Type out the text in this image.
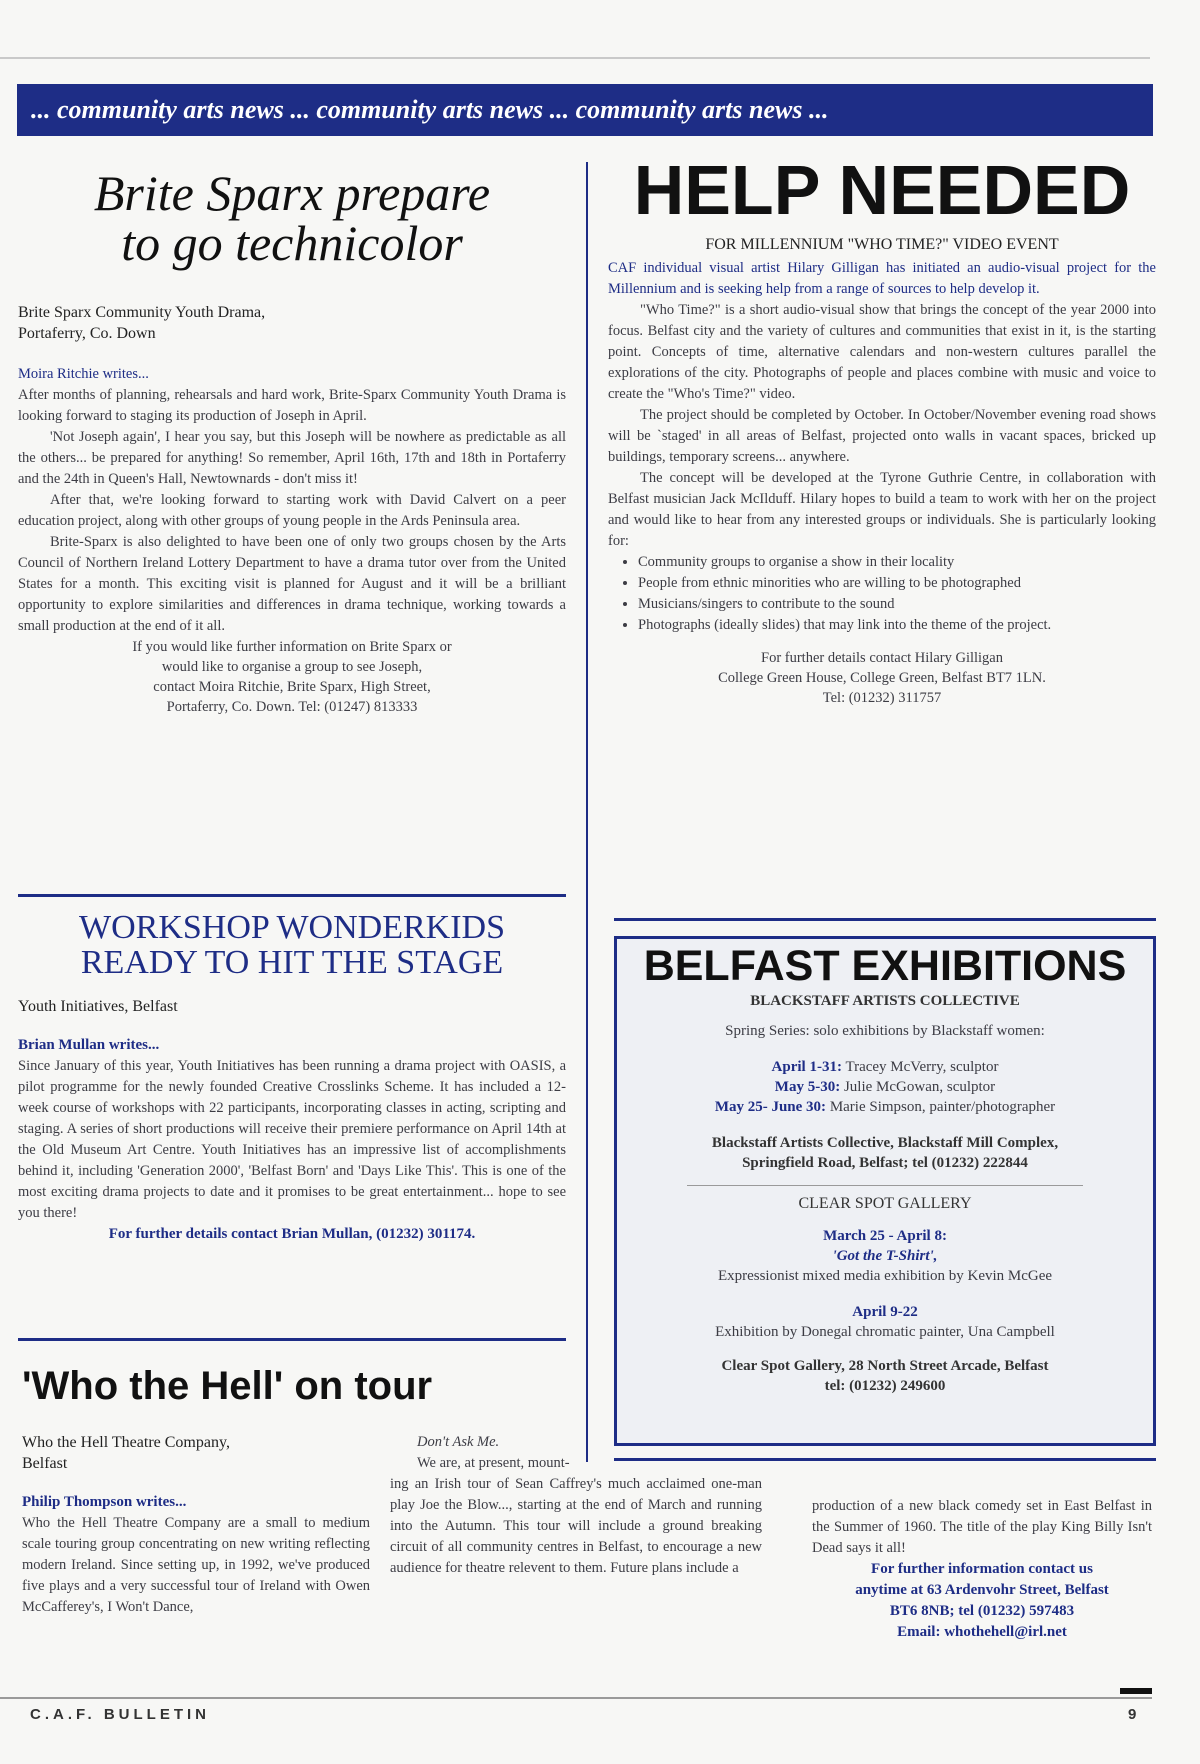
... community arts news ... community arts news ... community arts news ...
Brite Sparx prepare
to go technicolor
Brite Sparx Community Youth Drama,
Portaferry, Co. Down
Moira Ritchie writes...

After months of planning, rehearsals and hard work, Brite-Sparx Community Youth Drama is looking forward to staging its production of Joseph in April.

'Not Joseph again', I hear you say, but this Joseph will be nowhere as predictable as all the others... be prepared for anything! So remember, April 16th, 17th and 18th in Portaferry and the 24th in Queen's Hall, Newtownards - don't miss it!

After that, we're looking forward to starting work with David Calvert on a peer education project, along with other groups of young people in the Ards Peninsula area.

Brite-Sparx is also delighted to have been one of only two groups chosen by the Arts Council of Northern Ireland Lottery Department to have a drama tutor over from the United States for a month. This exciting visit is planned for August and it will be a brilliant opportunity to explore similarities and differences in drama technique, working towards a small production at the end of it all.

If you would like further information on Brite Sparx or
would like to organise a group to see Joseph,
contact Moira Ritchie, Brite Sparx, High Street,
Portaferry, Co. Down. Tel: (01247) 813333
WORKSHOP WONDERKIDS
READY TO HIT THE STAGE
Youth Initiatives, Belfast
Brian Mullan writes...

Since January of this year, Youth Initiatives has been running a drama project with OASIS, a pilot programme for the newly founded Creative Crosslinks Scheme. It has included a 12-week course of workshops with 22 participants, incorporating classes in acting, scripting and staging. A series of short productions will receive their premiere performance on April 14th at the Old Museum Art Centre. Youth Initiatives has an impressive list of accomplishments behind it, including 'Generation 2000', 'Belfast Born' and 'Days Like This'. This is one of the most exciting drama projects to date and it promises to be great entertainment... hope to see you there!

For further details contact Brian Mullan, (01232) 301174.
'Who the Hell' on tour
Who the Hell Theatre Company,
Belfast
Philip Thompson writes...

Who the Hell Theatre Company are a small to medium scale touring group concentrating on new writing reflecting modern Ireland. Since setting up, in 1992, we've produced five plays and a very successful tour of Ireland with Owen McCafferey's, I Won't Dance,

Don't Ask Me.

We are, at present, mount-

ing an Irish tour of Sean Caffrey's much acclaimed one-man play Joe the Blow..., starting at the end of March and running into the Autumn. This tour will include a ground breaking circuit of all community centres in Belfast, to encourage a new audience for theatre relevent to them. Future plans include a

production of a new black comedy set in East Belfast in the Summer of 1960. The title of the play King Billy Isn't Dead says it all!

For further information contact us
anytime at 63 Ardenvohr Street, Belfast
BT6 8NB; tel (01232) 597483
Email: whothehell@irl.net
HELP NEEDED
FOR MILLENNIUM "WHO TIME?" VIDEO EVENT

CAF individual visual artist Hilary Gilligan has initiated an audio-visual project for the Millennium and is seeking help from a range of sources to help develop it.

"Who Time?" is a short audio-visual show that brings the concept of the year 2000 into focus. Belfast city and the variety of cultures and communities that exist in it, is the starting point. Concepts of time, alternative calendars and non-western cultures parallel the explorations of the city. Photographs of people and places combine with music and voice to create the "Who's Time?" video.

The project should be completed by October. In October/November evening road shows will be `staged' in all areas of Belfast, projected onto walls in vacant spaces, bricked up buildings, temporary screens... anywhere.

The concept will be developed at the Tyrone Guthrie Centre, in collaboration with Belfast musician Jack McIlduff. Hilary hopes to build a team to work with her on the project and would like to hear from any interested groups or individuals. She is particularly looking for:

• Community groups to organise a show in their locality
• People from ethnic minorities who are willing to be photographed
• Musicians/singers to contribute to the sound
• Photographs (ideally slides) that may link into the theme of the project.
For further details contact Hilary Gilligan
College Green House, College Green, Belfast BT7 1LN.
Tel: (01232) 311757
BELFAST EXHIBITIONS
BLACKSTAFF ARTISTS COLLECTIVE
Spring Series: solo exhibitions by Blackstaff women:
April 1-31: Tracey McVerry, sculptor
May 5-30: Julie McGowan, sculptor
May 25- June 30: Marie Simpson, painter/photographer
Blackstaff Artists Collective, Blackstaff Mill Complex,
Springfield Road, Belfast; tel (01232) 222844
CLEAR SPOT GALLERY
March 25 - April 8:
'Got the T-Shirt',
Expressionist mixed media exhibition by Kevin McGee
April 9-22
Exhibition by Donegal chromatic painter, Una Campbell
Clear Spot Gallery, 28 North Street Arcade, Belfast
tel: (01232) 249600
C.A.F. BULLETIN	9
